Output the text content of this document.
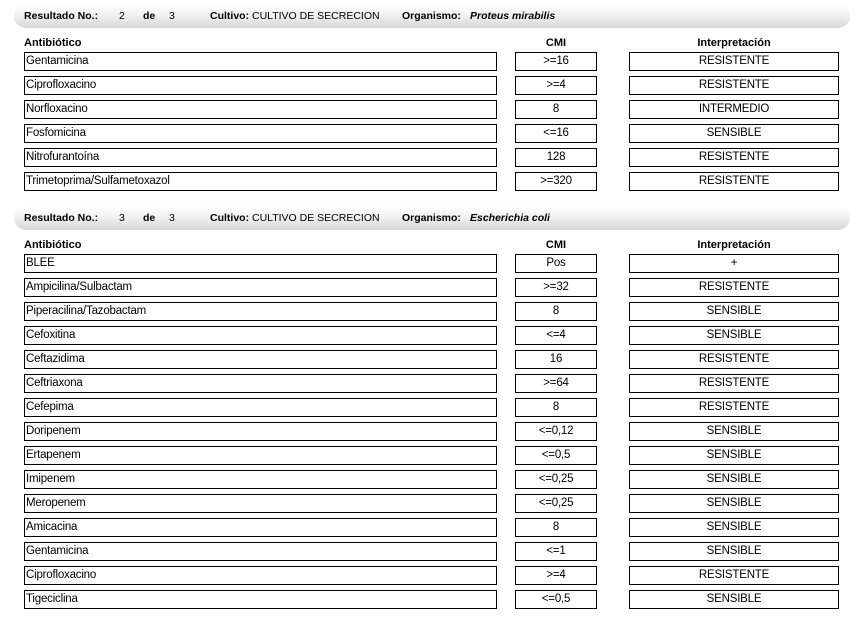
Resultado No.: 2 de 3	Cultivo: CULTIVO DE SECRECION Organismo: Proteus mirabilis
Antibiótico	CMI	Interpretación
Gentamicina	>=16	RESISTENTE
Ciprofloxacino	>=4	RESISTENTE
Norfloxacino	8	INTERMEDIO
Fosfomicina	<=16	SENSIBLE
Nitrofurantoína	128	RESISTENTE
Trimetoprima/Sulfametoxazol	>=320	RESISTENTE
Resultado No.: 3 de 3	Cultivo: CULTIVO DE SECRECION Organismo: Escherichia coli
Antibiótico	CMI	Interpretación
BLEE	Pos	+
Ampicilina/Sulbactam	>=32	RESISTENTE
Piperacilina/Tazobactam	8	SENSIBLE
Cefoxitina	<=4	SENSIBLE
Ceftazidima	16	RESISTENTE
Ceftriaxona	>=64	RESISTENTE
Cefepima	8	RESISTENTE
Doripenem	<=0,12	SENSIBLE
Ertapenem	<=0,5	SENSIBLE
Imipenem	<=0,25	SENSIBLE
Meropenem	<=0,25	SENSIBLE
Amicacina	8	SENSIBLE
Gentamicina	<=1	SENSIBLE
Ciprofloxacino	>=4	RESISTENTE
Tigeciclina	<=0,5	SENSIBLE
